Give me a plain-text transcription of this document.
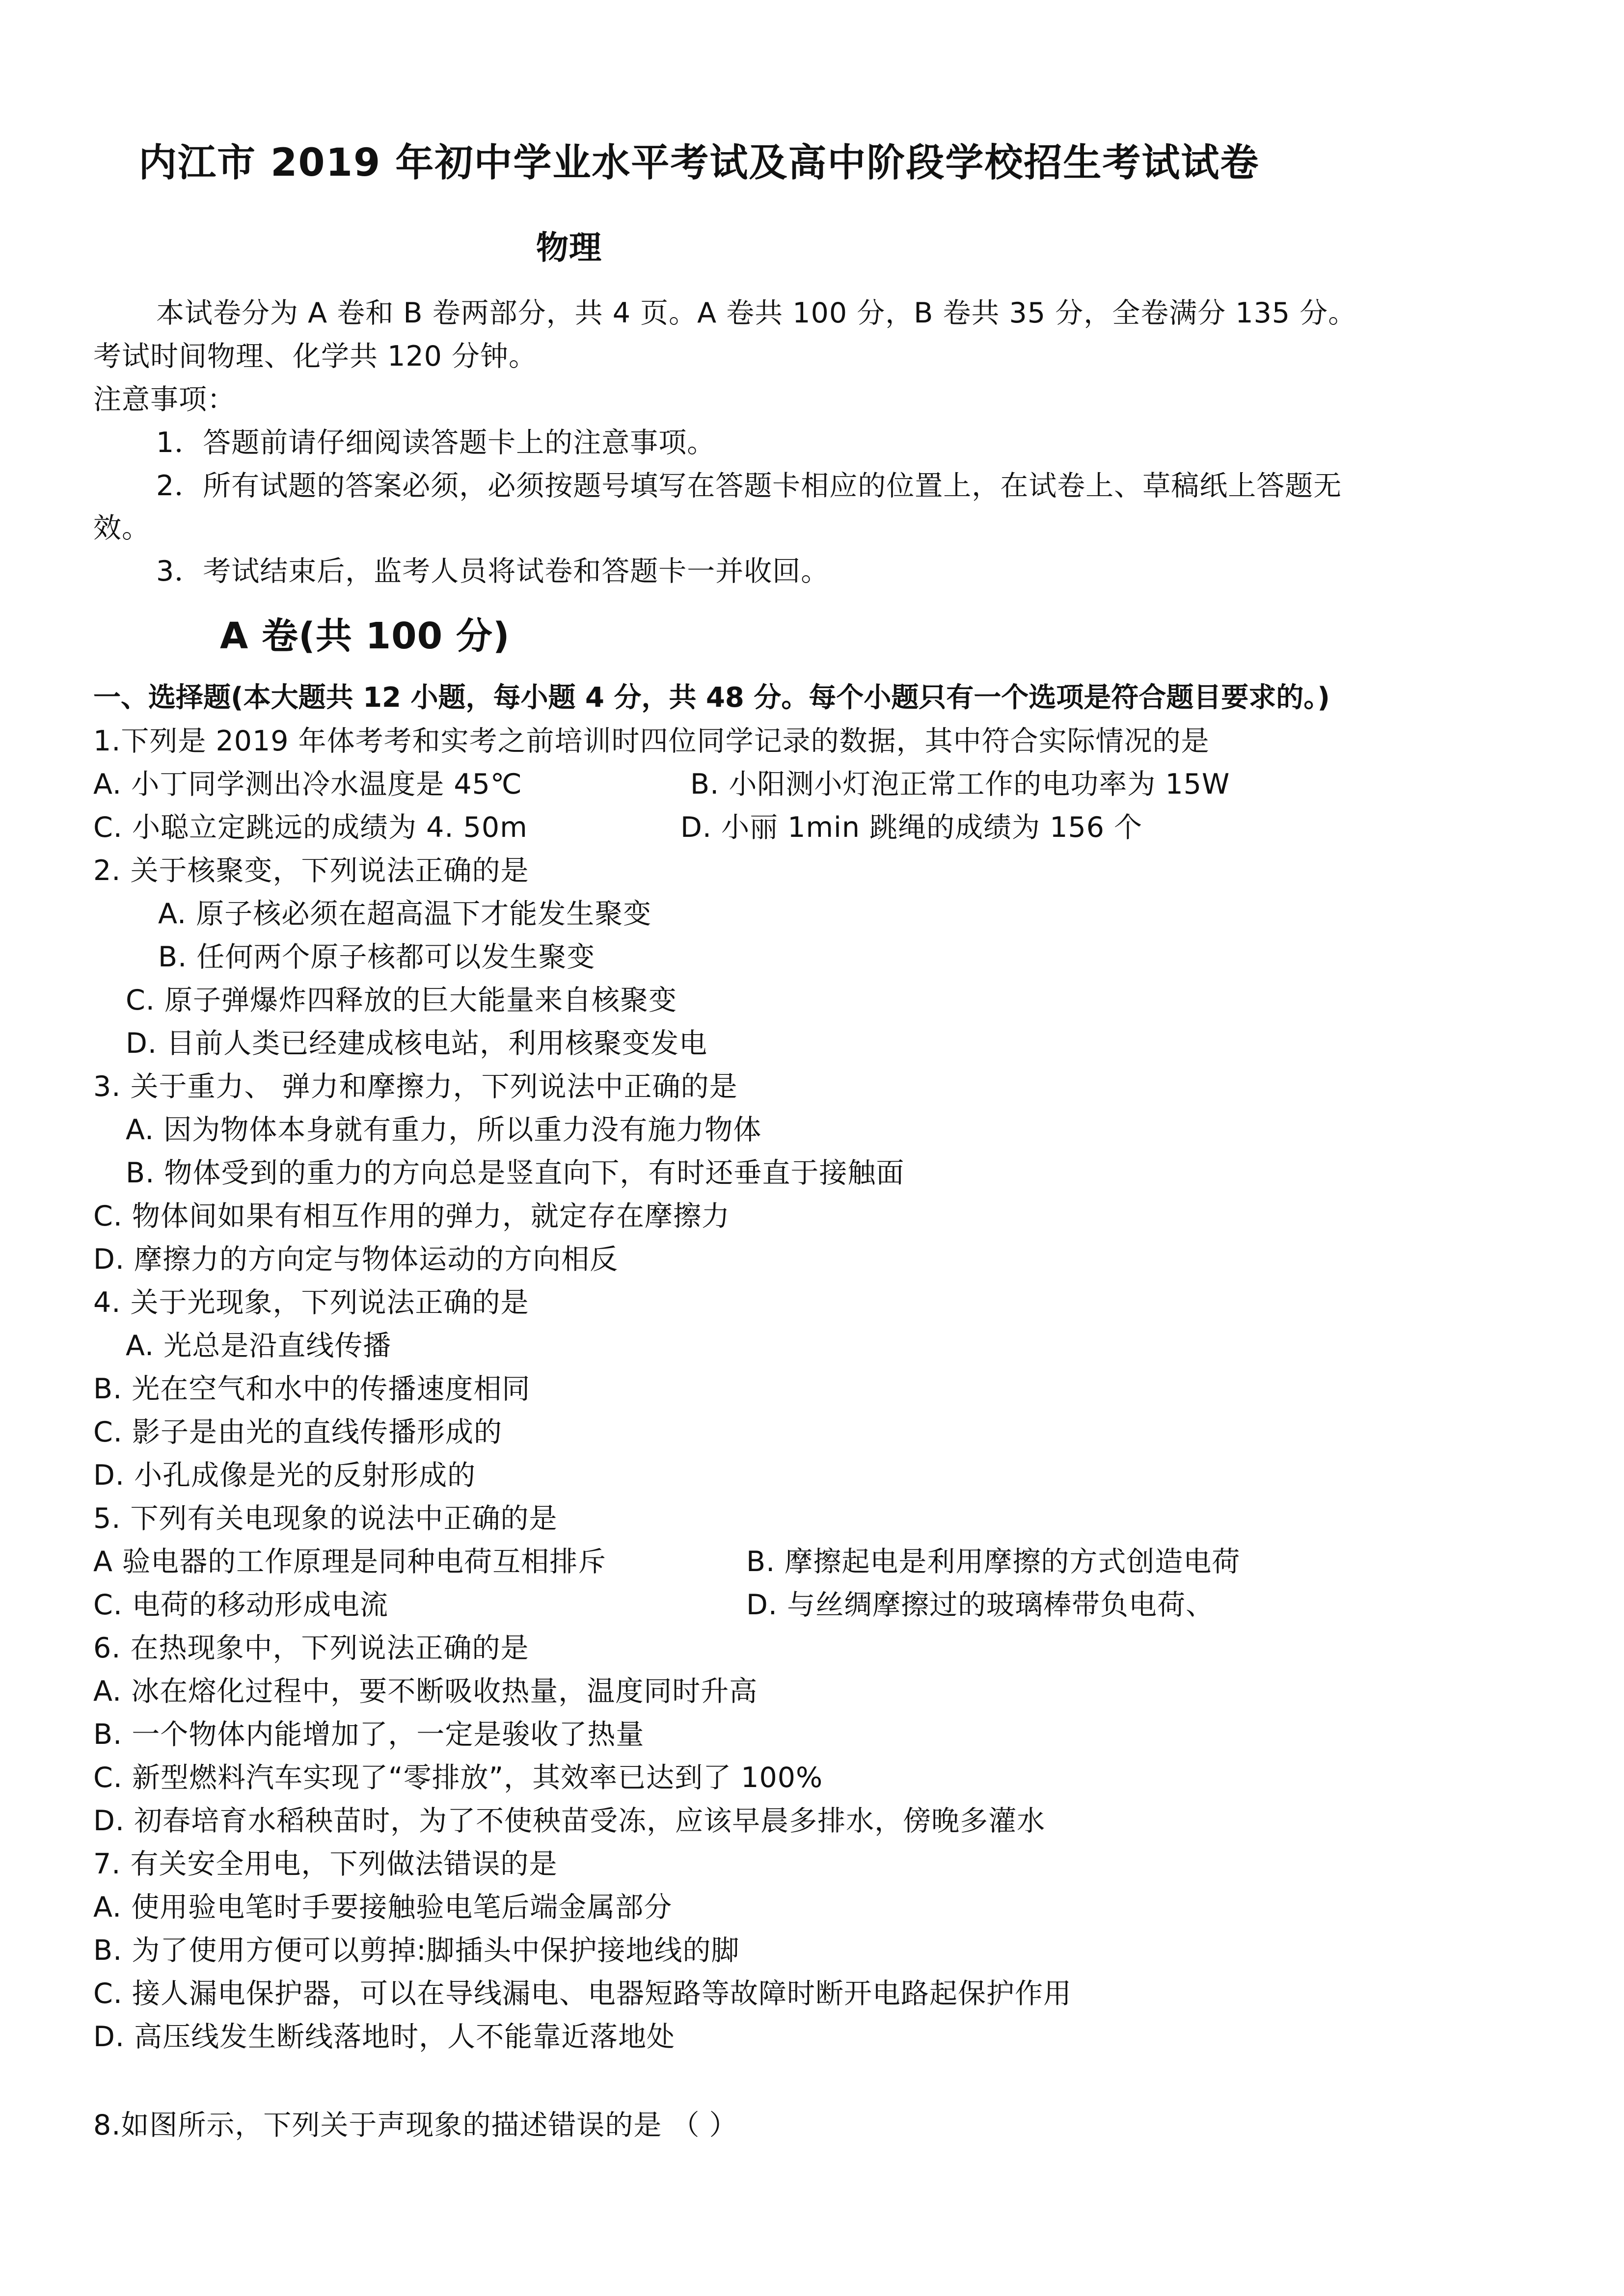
内江市 2019 年初中学业水平考试及高中阶段学校招生考试试卷
物理
本试卷分为 A 卷和 B 卷两部分，共 4 页。A 卷共 100 分，B 卷共 35 分，全卷满分 135 分。
考试时间物理、化学共 120 分钟。
注意事项：
1．答题前请仔细阅读答题卡上的注意事项。
2．所有试题的答案必须，必须按题号填写在答题卡相应的位置上，在试卷上、草稿纸上答题无
效。
3．考试结束后，监考人员将试卷和答题卡一并收回。
A 卷(共 100 分)
一、选择题(本大题共 12 小题，每小题 4 分，共 48 分。每个小题只有一个选项是符合题目要求的。)
1.下列是 2019 年体考考和实考之前培训时四位同学记录的数据，其中符合实际情况的是
A. 小丁同学测出冷水温度是 45℃	B. 小阳测小灯泡正常工作的电功率为 15W
C. 小聪立定跳远的成绩为 4. 50m	D. 小丽 1min 跳绳的成绩为 156 个
2. 关于核聚变，下列说法正确的是
A. 原子核必须在超高温下才能发生聚变
B. 任何两个原子核都可以发生聚变
C. 原子弹爆炸四释放的巨大能量来自核聚变
D. 目前人类已经建成核电站，利用核聚变发电
3. 关于重力、 弹力和摩擦力，下列说法中正确的是
A. 因为物体本身就有重力，所以重力没有施力物体
B. 物体受到的重力的方向总是竖直向下，有时还垂直于接触面
C. 物体间如果有相互作用的弹力，就定存在摩擦力
D. 摩擦力的方向定与物体运动的方向相反
4. 关于光现象，下列说法正确的是
A. 光总是沿直线传播
B. 光在空气和水中的传播速度相同
C. 影子是由光的直线传播形成的
D. 小孔成像是光的反射形成的
5. 下列有关电现象的说法中正确的是
A 验电器的工作原理是同种电荷互相排斥	B. 摩擦起电是利用摩擦的方式创造电荷
C. 电荷的移动形成电流	D. 与丝绸摩擦过的玻璃棒带负电荷、
6. 在热现象中，下列说法正确的是
A. 冰在熔化过程中，要不断吸收热量，温度同时升高
B. 一个物体内能增加了，一定是骏收了热量
C. 新型燃料汽车实现了“零排放”，其效率已达到了 100%
D. 初春培育水稻秧苗时，为了不使秧苗受冻，应该早晨多排水，傍晚多灌水
7. 有关安全用电，下列做法错误的是
A. 使用验电笔时手要接触验电笔后端金属部分
B. 为了使用方便可以剪掉:脚插头中保护接地线的脚
C. 接人漏电保护器，可以在导线漏电、电器短路等故障时断开电路起保护作用
D. 高压线发生断线落地时，人不能靠近落地处
8.如图所示，下列关于声现象的描述错误的是 （ ）
